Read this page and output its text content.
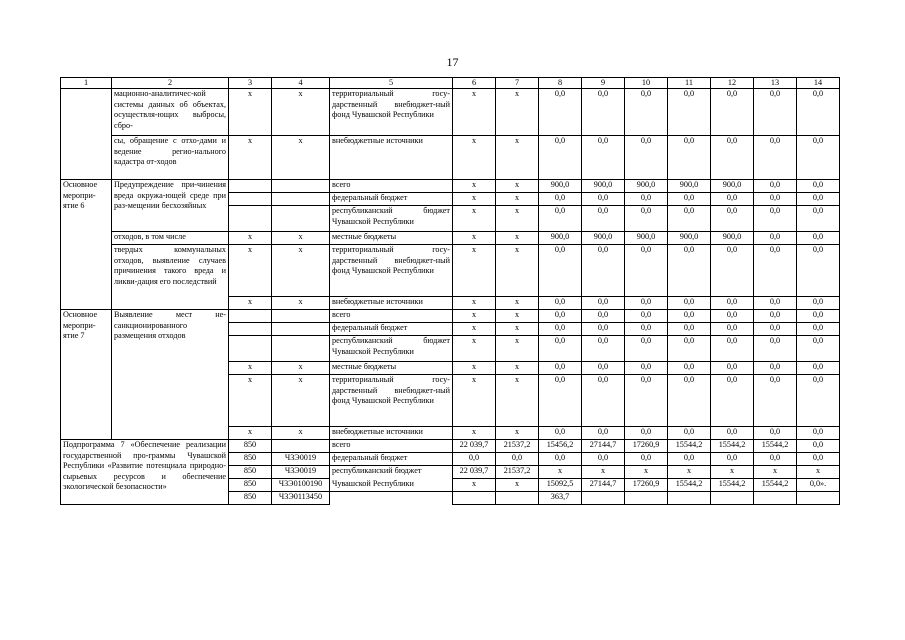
17
1	2	3	4	5	6	7	8	9	10	11	12	13	14
	мационно-аналитичес-кой системы данных об объектах, осуществля-ющих выбросы, сбро-	х	х	территориальный госу-дарственный внебюджет-ный фонд Чувашской Республики	х	х	0,0	0,0	0,0	0,0	0,0	0,0	0,0
	сы, обращение с отхо-дами и ведение регио-нального кадастра от-ходов	х	х	внебюджетные источники	х	х	0,0	0,0	0,0	0,0	0,0	0,0	0,0
Основное меропри-ятие 6	Предупреждение при-чинения вреда окружа-ющей среде при раз-мещении бесхозяйных			всего	х	х	900,0	900,0	900,0	900,0	900,0	0,0	0,0
				федеральный бюджет	х	х	0,0	0,0	0,0	0,0	0,0	0,0	0,0
				республиканский бюджет Чувашской Республики	х	х	0,0	0,0	0,0	0,0	0,0	0,0	0,0
	отходов, в том числе	х	х	местные бюджеты	х	х	900,0	900,0	900,0	900,0	900,0	0,0	0,0
	твердых коммунальных отходов, выявление случаев причинения такого вреда и ликви-дация его последствий	х	х	территориальный госу-дарственный внебюджет-ный фонд Чувашской Республики	х	х	0,0	0,0	0,0	0,0	0,0	0,0	0,0
		х	х	внебюджетные источники	х	х	0,0	0,0	0,0	0,0	0,0	0,0	0,0
Основное меропри-ятие 7	Выявление мест не-санкционированного размещения отходов			всего	х	х	0,0	0,0	0,0	0,0	0,0	0,0	0,0
				федеральный бюджет	х	х	0,0	0,0	0,0	0,0	0,0	0,0	0,0
				республиканский бюджет Чувашской Республики	х	х	0,0	0,0	0,0	0,0	0,0	0,0	0,0
		х	х	местные бюджеты	х	х	0,0	0,0	0,0	0,0	0,0	0,0	0,0
		х	х	территориальный госу-дарственный внебюджет-ный фонд Чувашской Республики	х	х	0,0	0,0	0,0	0,0	0,0	0,0	0,0
		х	х	внебюджетные источники	х	х	0,0	0,0	0,0	0,0	0,0	0,0	0,0
Подпрограмма 7 «Обеспечение реализации государственной про-граммы Чувашской Республики «Развитие потенциала природно-сырьевых ресурсов и обеспечение экологической безопасности»		850		всего	22 039,7	21537,2	15456,2	27144,7	17260,9	15544,2	15544,2	15544,2	0,0
		850	Ч3Э0019	федеральный бюджет	0,0	0,0	0,0	0,0	0,0	0,0	0,0	0,0	0,0
		850	Ч3Э0019	республиканский бюджет	22 039,7	21537,2	х	х	х	х	х	х	х
		850	Ч3Э0100190	Чувашской Республики	х	х	15092,5	27144,7	17260,9	15544,2	15544,2	15544,2	0,0».
		850	Ч3Э0113450				363,7						
